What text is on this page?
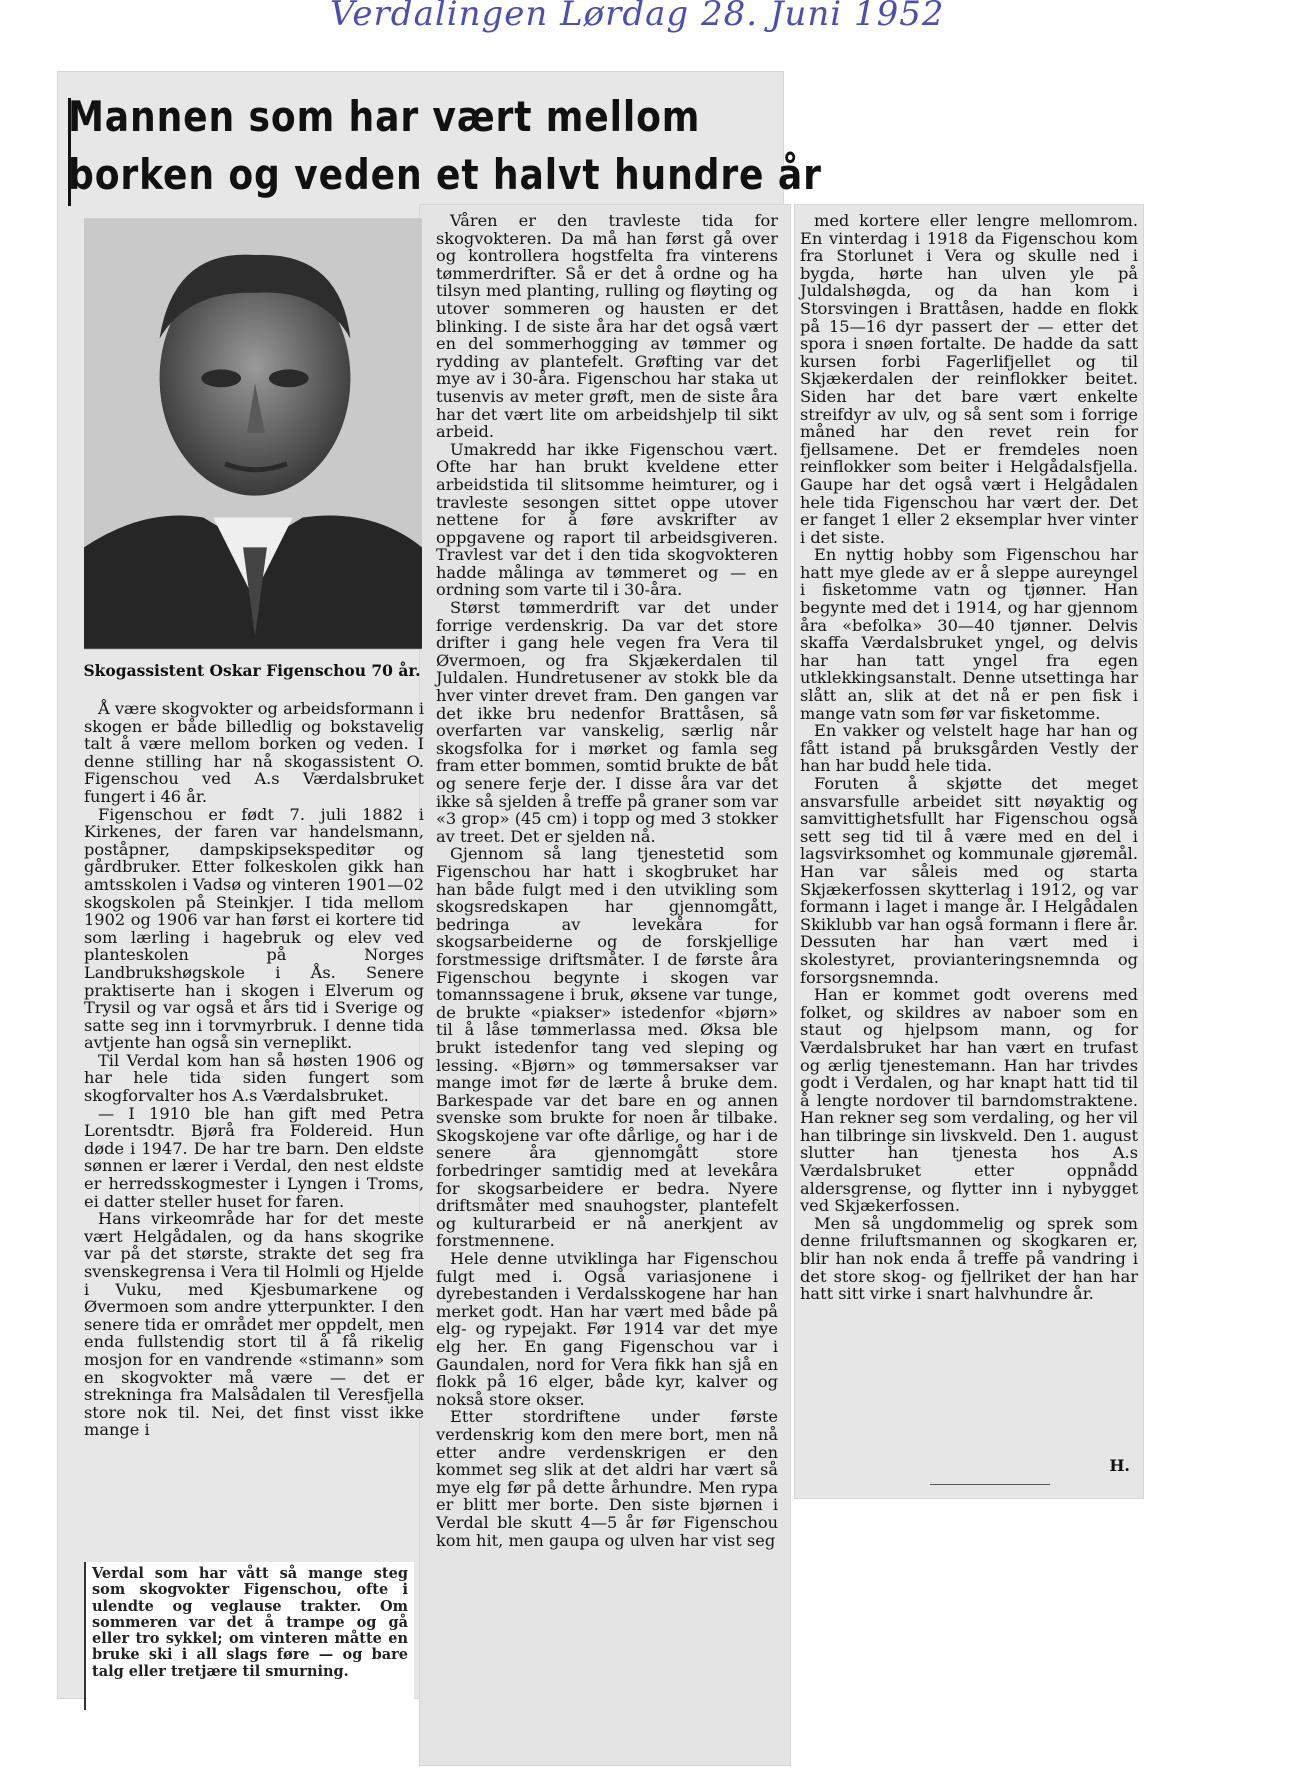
Verdalingen Lørdag 28. Juni 1952
Mannen som har vært mellom
borken og veden et halvt hundre år
Skogassistent Oskar Figenschou 70 år.

Å være skogvokter og arbeidsformann i skogen er både billedlig og bokstavelig talt å være mellom borken og veden. I denne stilling har nå skogassistent O. Figenschou ved A.s Værdalsbruket fungert i 46 år.

Figenschou er født 7. juli 1882 i Kirkenes, der faren var handelsmann, poståpner, dampskipsekspeditør og gårdbruker. Etter folkeskolen gikk han amtsskolen i Vadsø og vinteren 1901—02 skogskolen på Steinkjer. I tida mellom 1902 og 1906 var han først ei kortere tid som lærling i hagebruk og elev ved planteskolen på Norges Landbrukshøgskole i Ås. Senere praktiserte han i skogen i Elverum og Trysil og var også et års tid i Sverige og satte seg inn i torvmyrbruk. I denne tida avtjente han også sin verneplikt.

Til Verdal kom han så høsten 1906 og har hele tida siden fungert som skogforvalter hos A.s Værdalsbruket.

— I 1910 ble han gift med Petra Lorentsdtr. Bjørå fra Foldereid. Hun døde i 1947. De har tre barn. Den eldste sønnen er lærer i Verdal, den nest eldste er herredsskogmester i Lyngen i Troms, ei datter steller huset for faren.

Hans virkeområde har for det meste vært Helgådalen, og da hans skogrike var på det største, strakte det seg fra svenskegrensa i Vera til Holmli og Hjelde i Vuku, med Kjesbumarkene og Øvermoen som andre ytterpunkter. I den senere tida er området mer oppdelt, men enda fullstendig stort til å få rikelig mosjon for en vandrende «stimann» som en skogvokter må være — det er strekninga fra Malsådalen til Veresfjella store nok til. Nei, det finst visst ikke mange i

Verdal som har vått så mange steg som skogvokter Figenschou, ofte i ulendte og veglause trakter. Om sommeren var det å trampe og gå eller tro sykkel; om vinteren måtte en bruke ski i all slags føre — og bare talg eller tretjære til smurning.

Våren er den travleste tida for skogvokteren. Da må han først gå over og kontrollera hogstfelta fra vinterens tømmerdrifter. Så er det å ordne og ha tilsyn med planting, rulling og fløyting og utover sommeren og hausten er det blinking. I de siste åra har det også vært en del sommerhogging av tømmer og rydding av plantefelt. Grøfting var det mye av i 30-åra. Figenschou har staka ut tusenvis av meter grøft, men de siste åra har det vært lite om arbeidshjelp til sikt arbeid.

Umakredd har ikke Figenschou vært. Ofte har han brukt kveldene etter arbeidstida til slitsomme heimturer, og i travleste sesongen sittet oppe utover nettene for å føre avskrifter av oppgavene og raport til arbeidsgiveren. Travlest var det i den tida skogvokteren hadde målinga av tømmeret og — en ordning som varte til i 30-åra.

Størst tømmerdrift var det under forrige verdenskrig. Da var det store drifter i gang hele vegen fra Vera til Øvermoen, og fra Skjækerdalen til Juldalen. Hundretusener av stokk ble da hver vinter drevet fram. Den gangen var det ikke bru nedenfor Brattåsen, så overfarten var vanskelig, særlig når skogsfolka for i mørket og famla seg fram etter bommen, somtid brukte de båt og senere ferje der. I disse åra var det ikke så sjelden å treffe på graner som var «3 grop» (45 cm) i topp og med 3 stokker av treet. Det er sjelden nå.

Gjennom så lang tjenestetid som Figenschou har hatt i skogbruket har han både fulgt med i den utvikling som skogsredskapen har gjennomgått, bedringa av levekåra for skogsarbeiderne og de forskjellige forstmessige driftsmåter. I de første åra Figenschou begynte i skogen var tomannssagene i bruk, øksene var tunge, de brukte «piakser» istedenfor «bjørn» til å låse tømmerlassa med. Øksa ble brukt istedenfor tang ved sleping og lessing. «Bjørn» og tømmersakser var mange imot før de lærte å bruke dem. Barkespade var det bare en og annen svenske som brukte for noen år tilbake. Skogskojene var ofte dårlige, og har i de senere åra gjennomgått store forbedringer samtidig med at levekåra for skogsarbeidere er bedra. Nyere driftsmåter med snauhogster, plantefelt og kulturarbeid er nå anerkjent av forstmennene.

Hele denne utviklinga har Figenschou fulgt med i. Også variasjonene i dyrebestanden i Verdalsskogene har han merket godt. Han har vært med både på elg- og rypejakt. Før 1914 var det mye elg her. En gang Figenschou var i Gaundalen, nord for Vera fikk han sjå en flokk på 16 elger, både kyr, kalver og nokså store okser.

Etter stordriftene under første verdenskrig kom den mere bort, men nå etter andre verdenskrigen er den kommet seg slik at det aldri har vært så mye elg før på dette århundre. Men rypa er blitt mer borte. Den siste bjørnen i Verdal ble skutt 4—5 år før Figenschou kom hit, men gaupa og ulven har vist seg

med kortere eller lengre mellomrom. En vinterdag i 1918 da Figenschou kom fra Storlunet i Vera og skulle ned i bygda, hørte han ulven yle på Juldalshøgda, og da han kom i Storsvingen i Brattåsen, hadde en flokk på 15—16 dyr passert der — etter det spora i snøen fortalte. De hadde da satt kursen forbi Fagerlifjellet og til Skjækerdalen der reinflokker beitet. Siden har det bare vært enkelte streifdyr av ulv, og så sent som i forrige måned har den revet rein for fjellsamene. Det er fremdeles noen reinflokker som beiter i Helgådalsfjella. Gaupe har det også vært i Helgådalen hele tida Figenschou har vært der. Det er fanget 1 eller 2 eksemplar hver vinter i det siste.

En nyttig hobby som Figenschou har hatt mye glede av er å sleppe aureyngel i fisketomme vatn og tjønner. Han begynte med det i 1914, og har gjennom åra «befolka» 30—40 tjønner. Delvis skaffa Værdalsbruket yngel, og delvis har han tatt yngel fra egen utklekkingsanstalt. Denne utsettinga har slått an, slik at det nå er pen fisk i mange vatn som før var fisketomme.

En vakker og velstelt hage har han og fått istand på bruksgården Vestly der han har budd hele tida.

Foruten å skjøtte det meget ansvarsfulle arbeidet sitt nøyaktig og samvittighetsfullt har Figenschou også sett seg tid til å være med en del i lagsvirksomhet og kommunale gjøremål. Han var såleis med og starta Skjækerfossen skytterlag i 1912, og var formann i laget i mange år. I Helgådalen Skiklubb var han også formann i flere år. Dessuten har han vært med i skolestyret, provianteringsnemnda og forsorgsnemnda.

Han er kommet godt overens med folket, og skildres av naboer som en staut og hjelpsom mann, og for Værdalsbruket har han vært en trufast og ærlig tjenestemann. Han har trivdes godt i Verdalen, og har knapt hatt tid til å lengte nordover til barndomstraktene. Han rekner seg som verdaling, og her vil han tilbringe sin livskveld. Den 1. august slutter han tjenesta hos A.s Værdalsbruket etter oppnådd aldersgrense, og flytter inn i nybygget ved Skjækerfossen.

Men så ungdommelig og sprek som denne friluftsmannen og skogkaren er, blir han nok enda å treffe på vandring i det store skog- og fjellriket der han har hatt sitt virke i snart halvhundre år.

H.
